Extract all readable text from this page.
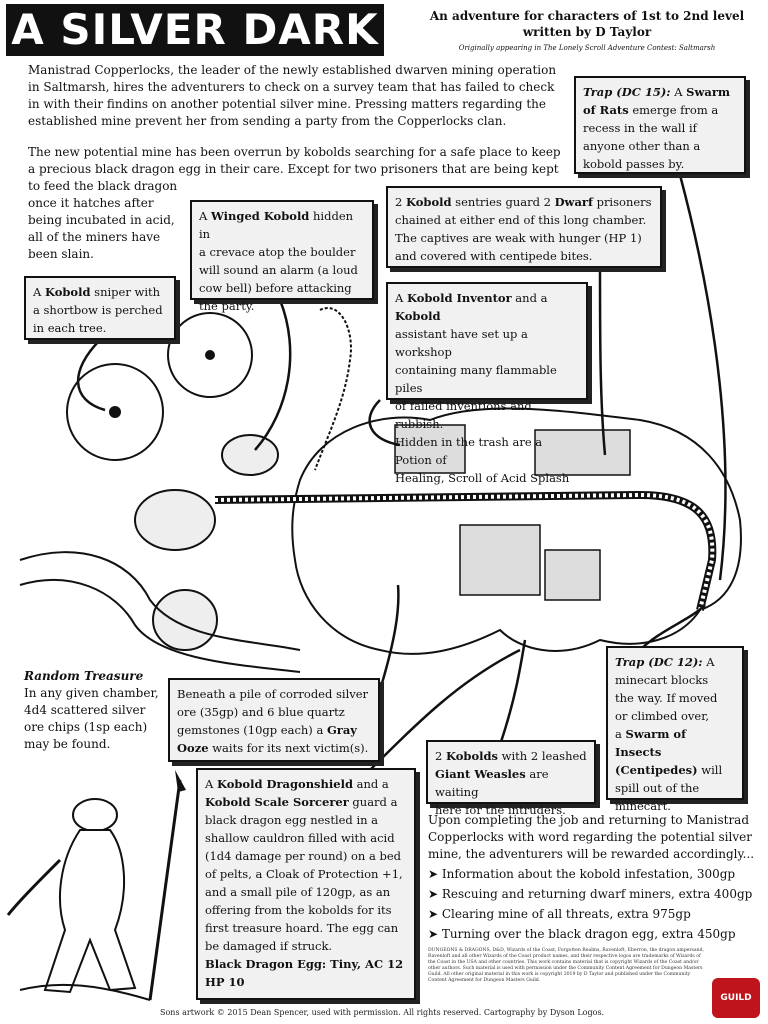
A SILVER DARK	An adventure for characters of 1st to 2nd level
written by D Taylor
Originally appearing in The Lonely Scroll Adventure Contest: Saltmarsh
Manistrad Copperlocks, the leader of the newly established dwarven mining operation
in Saltmarsh, hires the adventurers to check on a survey team that has failed to check
in with their findins on another potential silver mine. Pressing matters regarding the
established mine prevent her from sending a party from the Copperlocks clan.
The new potential mine has been overrun by kobolds searching for a safe place to keep
a precious black dragon egg in their care. Except for two prisoners that are being kept
to feed the black dragon
once it hatches after
being incubated in acid,
all of the miners have
been slain.
Trap (DC 15): A Swarm
of Rats emerge from a
recess in the wall if
anyone other than a
kobold passes by.
2 Kobold sentries guard 2 Dwarf prisoners
chained at either end of this long chamber.
The captives are weak with hunger (HP 1)
and covered with centipede bites.
A Winged Kobold hidden in
a crevace atop the boulder
will sound an alarm (a loud
cow bell) before attacking
the party.
A Kobold sniper with
a shortbow is perched
in each tree.
A Kobold Inventor and a Kobold
assistant have set up a workshop
containing many flammable piles
of failed inventions and rubbish.
Hidden in the trash are a Potion of
Healing, Scroll of Acid Splash
Beneath a pile of corroded silver
ore (35gp) and 6 blue quartz
gemstones (10gp each) a Gray
Ooze waits for its next victim(s).
Trap (DC 12): A
minecart blocks
the way. If moved
or climbed over,
a Swarm of Insects
(Centipedes) will
spill out of the
minecart.
2 Kobolds with 2 leashed
Giant Weasles are waiting
here for the intruders.
A Kobold Dragonshield and a
Kobold Scale Sorcerer guard a
black dragon egg nestled in a
shallow cauldron filled with acid
(1d4 damage per round) on a bed
of pelts, a Cloak of Protection +1,
and a small pile of 120gp, as an
offering from the kobolds for its
first treasure hoard. The egg can
be damaged if struck.
Black Dragon Egg: Tiny, AC 12
HP 10
Random Treasure
In any given chamber,
4d4 scattered silver
ore chips (1sp each)
may be found.
Upon completing the job and returning to Manistrad
Copperlocks with word regarding the potential silver
mine, the adventurers will be rewarded accordingly...
➤ Information about the kobold infestation, 300gp
➤ Rescuing and returning dwarf miners, extra 400gp
➤ Clearing mine of all threats, extra 975gp
➤ Turning over the black dragon egg, extra 450gp
DUNGEONS & DRAGONS, D&D, Wizards of the Coast, Forgotten Realms, Ravenloft, Eberron, the dragon ampersand, Ravenloft and all other Wizards of the Coast product names, and their respective logos are trademarks of Wizards of the Coast in the USA and other countries. This work contains material that is copyright Wizards of the Coast and/or other authors. Such material is used with permission under the Community Content Agreement for Dungeon Masters Guild. All other original material in this work is copyright 2019 by D Taylor and published under the Community Content Agreement for Dungeon Masters Guild.
GUILD
Sons artwork © 2015 Dean Spencer, used with permission. All rights reserved. Cartography by Dyson Logos.
